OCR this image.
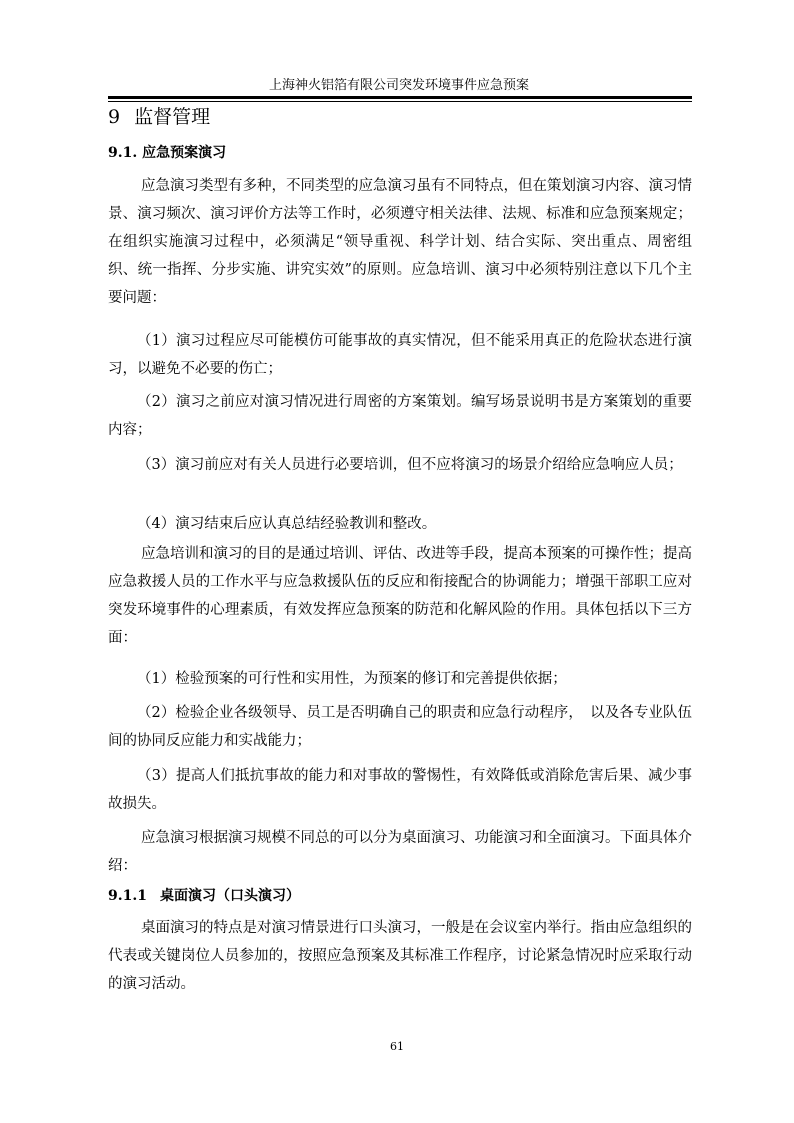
上海神火铝箔有限公司突发环境事件应急预案
9 监督管理
9.1. 应急预案演习

应急演习类型有多种，不同类型的应急演习虽有不同特点，但在策划演习内容、演习情景、演习频次、演习评价方法等工作时，必须遵守相关法律、法规、标准和应急预案规定；在组织实施演习过程中，必须满足“领导重视、科学计划、结合实际、突出重点、周密组织、统一指挥、分步实施、讲究实效”的原则。应急培训、演习中必须特别注意以下几个主要问题：

（1）演习过程应尽可能模仿可能事故的真实情况，但不能采用真正的危险状态进行演习，以避免不必要的伤亡；

（2）演习之前应对演习情况进行周密的方案策划。编写场景说明书是方案策划的重要内容；

（3）演习前应对有关人员进行必要培训，但不应将演习的场景介绍给应急响应人员；

（4）演习结束后应认真总结经验教训和整改。

应急培训和演习的目的是通过培训、评估、改进等手段，提高本预案的可操作性；提高应急救援人员的工作水平与应急救援队伍的反应和衔接配合的协调能力；增强干部职工应对突发环境事件的心理素质，有效发挥应急预案的防范和化解风险的作用。具体包括以下三方面：

（1）检验预案的可行性和实用性，为预案的修订和完善提供依据；

（2）检验企业各级领导、员工是否明确自己的职责和应急行动程序，　以及各专业队伍间的协同反应能力和实战能力；

（3）提高人们抵抗事故的能力和对事故的警惕性，有效降低或消除危害后果、减少事故损失。

应急演习根据演习规模不同总的可以分为桌面演习、功能演习和全面演习。下面具体介绍：

9.1.1 桌面演习（口头演习）

桌面演习的特点是对演习情景进行口头演习，一般是在会议室内举行。指由应急组织的代表或关键岗位人员参加的，按照应急预案及其标准工作程序，讨论紧急情况时应采取行动的演习活动。

61
